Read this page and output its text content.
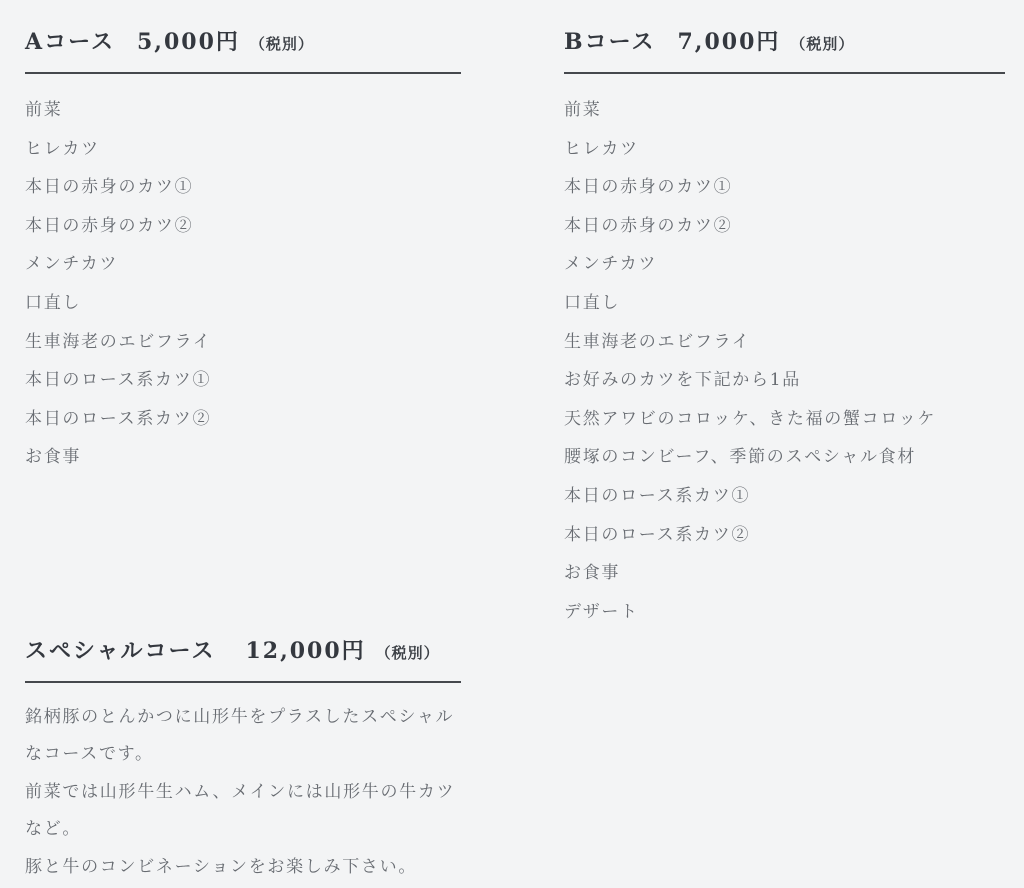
Aコース 5,000円 （税別）
前菜
ヒレカツ
本日の赤身のカツ①
本日の赤身のカツ②
メンチカツ
口直し
生車海老のエビフライ
本日のロース系カツ①
本日のロース系カツ②
お食事
スペシャルコース 12,000円 （税別）

銘柄豚のとんかつに山形牛をプラスしたスペシャルなコースです。

前菜では山形牛生ハム、メインには山形牛の牛カツなど。

豚と牛のコンビネーションをお楽しみ下さい。

Bコース 7,000円 （税別）
前菜
ヒレカツ
本日の赤身のカツ①
本日の赤身のカツ②
メンチカツ
口直し
生車海老のエビフライ
お好みのカツを下記から1品
天然アワビのコロッケ、きた福の蟹コロッケ
腰塚のコンビーフ、季節のスペシャル食材
本日のロース系カツ①
本日のロース系カツ②
お食事
デザート
